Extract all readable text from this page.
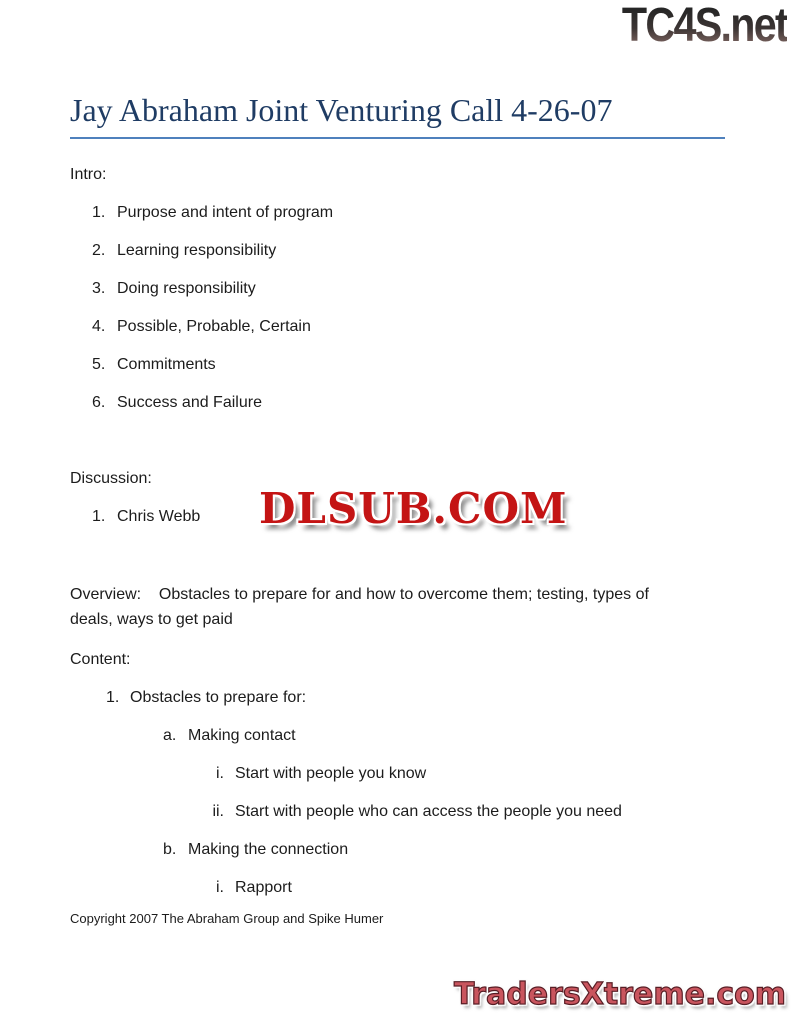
TC4S.net
Jay Abraham Joint Venturing Call 4-26-07
Intro:
1. Purpose and intent of program
2. Learning responsibility
3. Doing responsibility
4. Possible, Probable, Certain
5. Commitments
6. Success and Failure
Discussion:
1. Chris Webb
Overview:    Obstacles to prepare for and how to overcome them; testing, types of
deals, ways to get paid
Content:
1. Obstacles to prepare for:
a. Making contact
i. Start with people you know
ii. Start with people who can access the people you need
b. Making the connection
i. Rapport
DLSUB.COM
Copyright 2007 The Abraham Group and Spike Humer
TradersXtreme.com
